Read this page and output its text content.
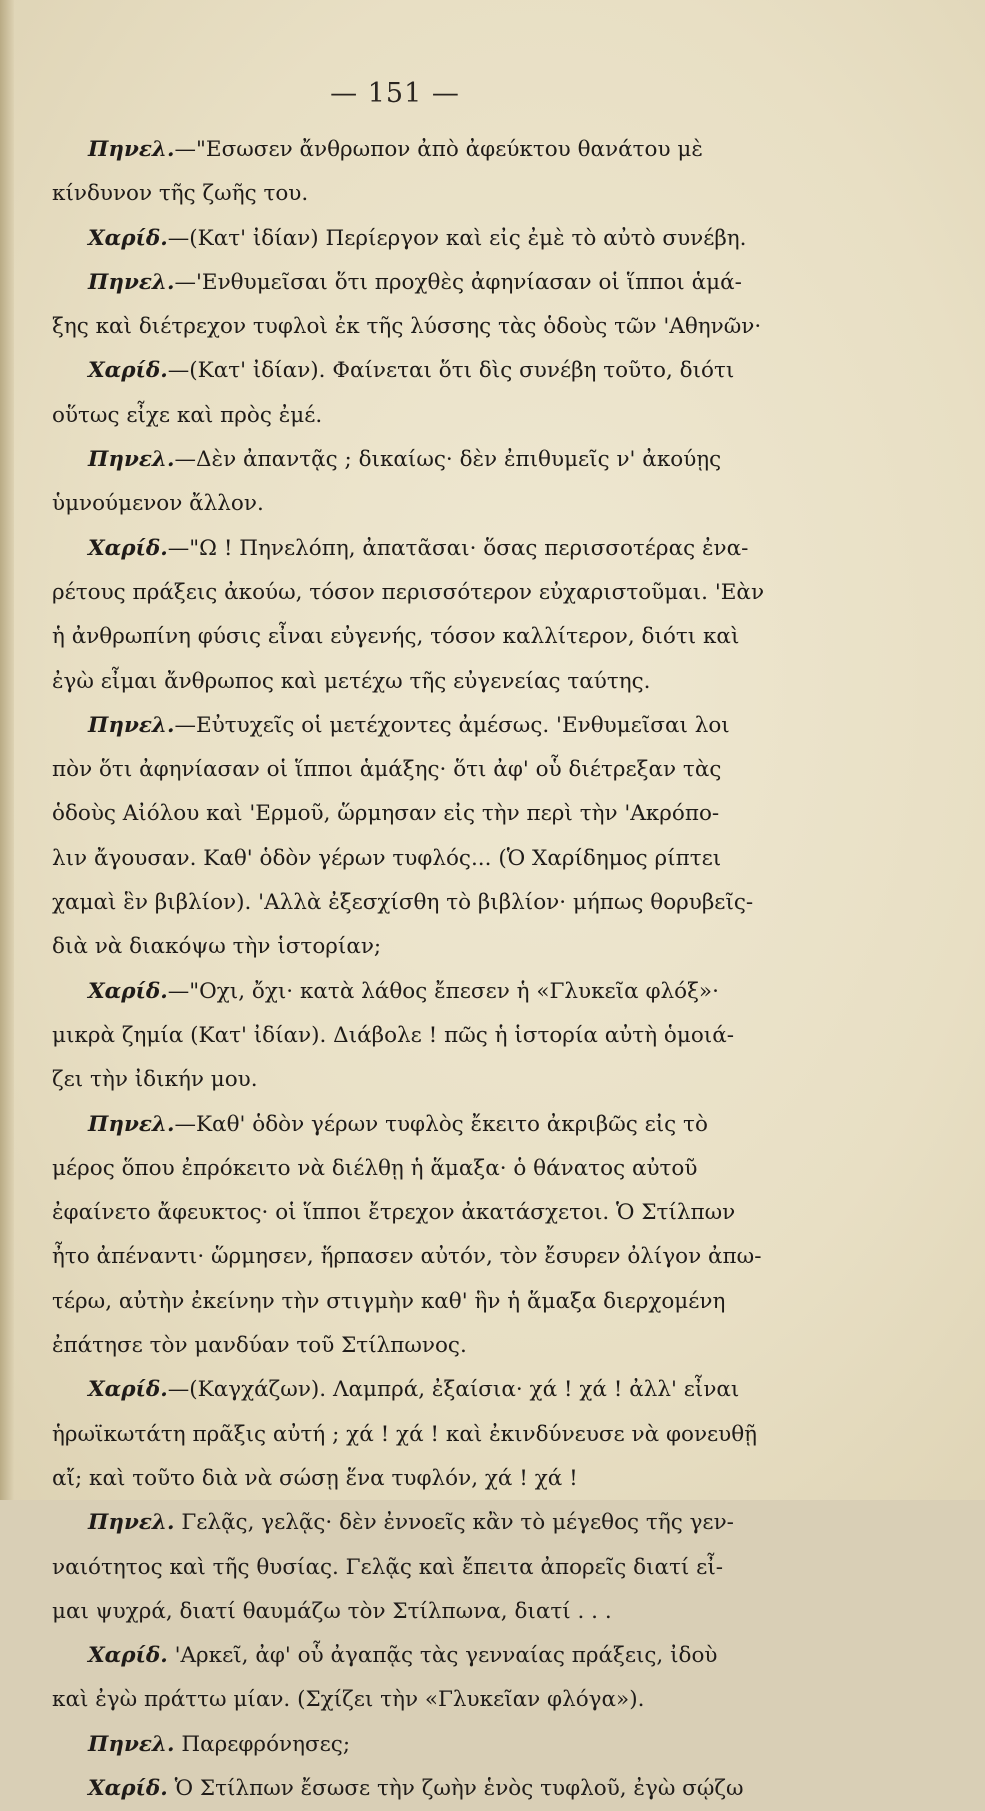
— 151 —
Πηνελ.—"Εσωσεν ἄνθρωπον ἀπὸ ἀφεύκτου θανάτου μὲ
κίνδυνον τῆς ζωῆς του.
Χαρίδ.—(Κατ' ἰδίαν) Περίεργον καὶ εἰς ἐμὲ τὸ αὐτὸ συνέβη.
Πηνελ.—'Ενθυμεῖσαι ὅτι προχθὲς ἀφηνίασαν οἱ ἵπποι ἁμά-
ξης καὶ διέτρεχον τυφλοὶ ἐκ τῆς λύσσης τὰς ὁδοὺς τῶν 'Αθηνῶν·
Χαρίδ.—(Κατ' ἰδίαν). Φαίνεται ὅτι δὶς συνέβη τοῦτο, διότι
οὕτως εἶχε καὶ πρὸς ἐμέ.
Πηνελ.—Δὲν ἀπαντᾷς ; δικαίως· δὲν ἐπιθυμεῖς ν' ἀκούῃς
ὑμνούμενον ἄλλον.
Χαρίδ.—"Ω ! Πηνελόπη, ἀπατᾶσαι· ὅσας περισσοτέρας ἐνα-
ρέτους πράξεις ἀκούω, τόσον περισσότερον εὐχαριστοῦμαι. 'Εὰν
ἡ ἀνθρωπίνη φύσις εἶναι εὐγενής, τόσον καλλίτερον, διότι καὶ
ἐγὼ εἶμαι ἄνθρωπος καὶ μετέχω τῆς εὐγενείας ταύτης.
Πηνελ.—Εὐτυχεῖς οἱ μετέχοντες ἀμέσως. 'Ενθυμεῖσαι λοι
πὸν ὅτι ἀφηνίασαν οἱ ἵπποι ἁμάξης· ὅτι ἀφ' οὗ διέτρεξαν τὰς
ὁδοὺς Αἰόλου καὶ 'Ερμοῦ, ὥρμησαν εἰς τὴν περὶ τὴν 'Ακρόπο-
λιν ἄγουσαν. Καθ' ὁδὸν γέρων τυφλός... (Ὁ Χαρίδημος ρίπτει
χαμαὶ ἓν βιβλίον). 'Αλλὰ ἐξεσχίσθη τὸ βιβλίον· μήπως θορυβεῖς-
διὰ νὰ διακόψω τὴν ἱστορίαν;
Χαρίδ.—"Οχι, ὄχι· κατὰ λάθος ἔπεσεν ἡ «Γλυκεῖα φλόξ»·
μικρὰ ζημία (Κατ' ἰδίαν). Διάβολε ! πῶς ἡ ἱστορία αὐτὴ ὁμοιά-
ζει τὴν ἰδικήν μου.
Πηνελ.—Καθ' ὁδὸν γέρων τυφλὸς ἔκειτο ἀκριβῶς εἰς τὸ
μέρος ὅπου ἐπρόκειτο νὰ διέλθῃ ἡ ἅμαξα· ὁ θάνατος αὐτοῦ
ἐφαίνετο ἄφευκτος· οἱ ἵπποι ἔτρεχον ἀκατάσχετοι. Ὁ Στίλπων
ἦτο ἀπέναντι· ὥρμησεν, ἥρπασεν αὐτόν, τὸν ἔσυρεν ὀλίγον ἀπω-
τέρω, αὐτὴν ἐκείνην τὴν στιγμὴν καθ' ἣν ἡ ἅμαξα διερχομένη
ἐπάτησε τὸν μανδύαν τοῦ Στίλπωνος.
Χαρίδ.—(Καγχάζων). Λαμπρά, ἐξαίσια· χά ! χά ! ἀλλ' εἶναι
ἡρωϊκωτάτη πρᾶξις αὐτή ; χά ! χά ! καὶ ἐκινδύνευσε νὰ φονευθῇ
αἴ; καὶ τοῦτο διὰ νὰ σώσῃ ἕνα τυφλόν, χά ! χά !
Πηνελ. Γελᾷς, γελᾷς· δὲν ἐννοεῖς κἂν τὸ μέγεθος τῆς γεν-
ναιότητος καὶ τῆς θυσίας. Γελᾷς καὶ ἔπειτα ἀπορεῖς διατί εἶ-
μαι ψυχρά, διατί θαυμάζω τὸν Στίλπωνα, διατί . . .
Χαρίδ. 'Αρκεῖ, ἀφ' οὗ ἀγαπᾷς τὰς γενναίας πράξεις, ἰδοὺ
καὶ ἐγὼ πράττω μίαν. (Σχίζει τὴν «Γλυκεῖαν φλόγα»).
Πηνελ. Παρεφρόνησες;
Χαρίδ. Ὁ Στίλπων ἔσωσε τὴν ζωὴν ἑνὸς τυφλοῦ, ἐγὼ σῴζω
